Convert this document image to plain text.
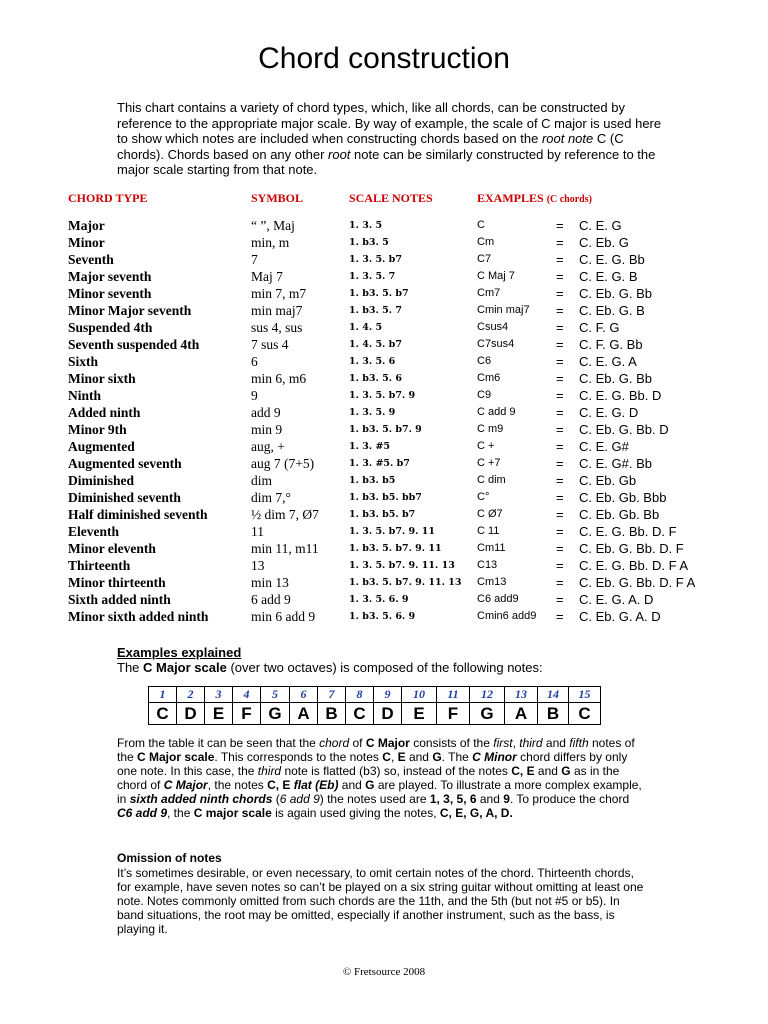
Chord construction

This chart contains a variety of chord types, which, like all chords, can be constructed by reference to the appropriate major scale. By way of example, the scale of C major is used here to show which notes are included when constructing chords based on the root note C (C chords). Chords based on any other root note can be similarly constructed by reference to the major scale starting from that note.

CHORD TYPE	SYMBOL	SCALE NOTES	EXAMPLES (C chords)
Major	“ ”, Maj	1. 3. 5	C	= C. E. G
Minor	min, m	1. b3. 5	Cm	= C. Eb. G
Seventh	7	1. 3. 5. b7	C7	= C. E. G. Bb
Major seventh	Maj 7	1. 3. 5. 7	C Maj 7	= C. E. G. B
Minor seventh	min 7, m7	1. b3. 5. b7	Cm7	= C. Eb. G. Bb
Minor Major seventh	min maj7	1. b3. 5. 7	Cmin maj7 = C. Eb. G. B
Suspended 4th	sus 4, sus	1. 4. 5	Csus4	= C. F. G
Seventh suspended 4th	7 sus 4	1. 4. 5. b7	C7sus4	= C. F. G. Bb
Sixth	6	1. 3. 5. 6	C6	= C. E. G. A
Minor sixth	min 6, m6	1. b3. 5. 6	Cm6	= C. Eb. G. Bb
Ninth	9	1. 3. 5. b7. 9	C9	= C. E. G. Bb. D
Added ninth	add 9	1. 3. 5. 9	C add 9	= C. E. G. D
Minor 9th	min 9	1. b3. 5. b7. 9	C m9	= C. Eb. G. Bb. D
Augmented	aug, +	1. 3. #5	C +	= C. E. G#
Augmented seventh	aug 7 (7+5)	1. 3. #5. b7	C +7	= C. E. G#. Bb
Diminished	dim	1. b3. b5	C dim	= C. Eb. Gb
Diminished seventh	dim 7,°	1. b3. b5. bb7	C°	= C. Eb. Gb. Bbb
Half diminished seventh	½ dim 7, Ø7	1. b3. b5. b7	C Ø7	= C. Eb. Gb. Bb
Eleventh	11	1. 3. 5. b7. 9. 11	C 11	= C. E. G. Bb. D. F
Minor eleventh	min 11, m11	1. b3. 5. b7. 9. 11	Cm11	= C. Eb. G. Bb. D. F
Thirteenth	13	1. 3. 5. b7. 9. 11. 13 C13	= C. E. G. Bb. D. F A
Minor thirteenth	min 13	1. b3. 5. b7. 9. 11. 13 Cm13	= C. Eb. G. Bb. D. F A
Sixth added ninth	6 add 9	1. 3. 5. 6. 9	C6 add9	= C. E. G. A. D
Minor sixth added ninth	min 6 add 9	1. b3. 5. 6. 9	Cmin6 add9 = C. Eb. G. A. D
Examples explained
The C Major scale (over two octaves) is composed of the following notes:
1	2	3	4	5	6	7	8	9	10	11	12	13	14	15
C	D	E	F	G	A	B	C	D	E	F	G	A	B	C

From the table it can be seen that the chord of C Major consists of the first, third and fifth notes of the C Major scale. This corresponds to the notes C, E and G. The C Minor chord differs by only one note. In this case, the third note is flatted (b3) so, instead of the notes C, E and G as in the chord of C Major, the notes C, E flat (Eb) and G are played. To illustrate a more complex example, in sixth added ninth chords (6 add 9) the notes used are 1, 3, 5, 6 and 9. To produce the chord C6 add 9, the C major scale is again used giving the notes, C, E, G, A, D.

Omission of notes

It’s sometimes desirable, or even necessary, to omit certain notes of the chord. Thirteenth chords, for example, have seven notes so can’t be played on a six string guitar without omitting at least one note. Notes commonly omitted from such chords are the 11th, and the 5th (but not #5 or b5). In band situations, the root may be omitted, especially if another instrument, such as the bass, is playing it.

© Fretsource 2008
